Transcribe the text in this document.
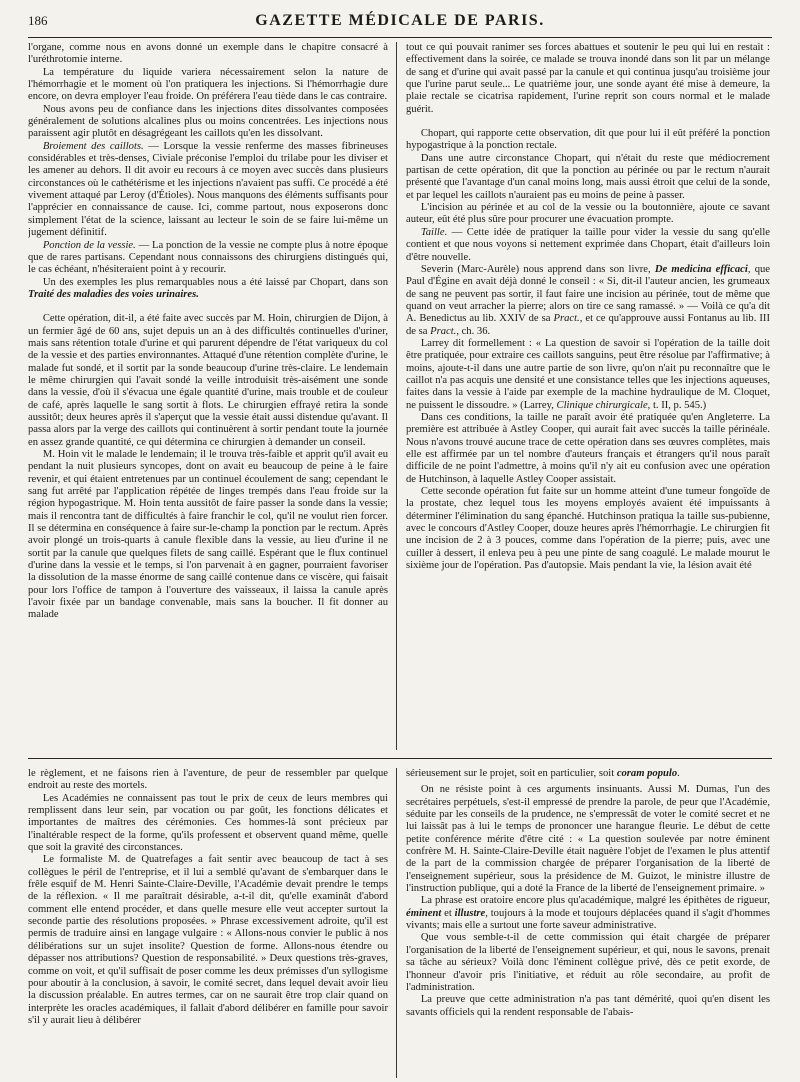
186	GAZETTE MÉDICALE DE PARIS.

l'organe, comme nous en avons donné un exemple dans le chapitre consacré à l'uréthrotomie interne.

La température du liquide variera nécessairement selon la nature de l'hémorrhagie et le moment où l'on pratiquera les injections. Si l'hémorrhagie dure encore, on devra employer l'eau froide. On préférera l'eau tiède dans le cas contraire.

Nous avons peu de confiance dans les injections dites dissolvantes composées généralement de solutions alcalines plus ou moins concentrées. Les injections nous paraissent agir plutôt en désagrégeant les caillots qu'en les dissolvant.

Broiement des caillots. — Lorsque la vessie renferme des masses fibrineuses considérables et très-denses, Civiale préconise l'emploi du trilabe pour les diviser et les amener au dehors. Il dit avoir eu recours à ce moyen avec succès dans plusieurs circonstances où le cathétérisme et les injections n'avaient pas suffi. Ce procédé a été vivement attaqué par Leroy (d'Étioles). Nous manquons des éléments suffisants pour l'apprécier en connaissance de cause. Ici, comme partout, nous exposerons donc simplement l'état de la science, laissant au lecteur le soin de se faire lui-même un jugement définitif.

Ponction de la vessie. — La ponction de la vessie ne compte plus à notre époque que de rares partisans. Cependant nous connaissons des chirurgiens distingués qui, le cas échéant, n'hésiteraient point à y recourir.

Un des exemples les plus remarquables nous a été laissé par Chopart, dans son Traité des maladies des voies urinaires.

Cette opération, dit-il, a été faite avec succès par M. Hoin, chirurgien de Dijon, à un fermier âgé de 60 ans, sujet depuis un an à des difficultés continuelles d'uriner, mais sans rétention totale d'urine et qui parurent dépendre de l'état variqueux du col de la vessie et des parties environnantes. Attaqué d'une rétention complète d'urine, le malade fut sondé, et il sortit par la sonde beaucoup d'urine très-claire. Le lendemain le même chirurgien qui l'avait sondé la veille introduisit très-aisément une sonde dans la vessie, d'où il s'évacua une égale quantité d'urine, mais trouble et de couleur de café, après laquelle le sang sortit à flots. Le chirurgien effrayé retira la sonde aussitôt; deux heures après il s'aperçut que la vessie était aussi distendue qu'avant. Il passa alors par la verge des caillots qui continuèrent à sortir pendant toute la journée en assez grande quantité, ce qui détermina ce chirurgien à demander un conseil.

M. Hoin vit le malade le lendemain; il le trouva très-faible et apprit qu'il avait eu pendant la nuit plusieurs syncopes, dont on avait eu beaucoup de peine à le faire revenir, et qui étaient entretenues par un continuel écoulement de sang; cependant le sang fut arrêté par l'application répétée de linges trempés dans l'eau froide sur la région hypogastrique. M. Hoin tenta aussitôt de faire passer la sonde dans la vessie; mais il rencontra tant de difficultés à faire franchir le col, qu'il ne voulut rien forcer. Il se détermina en conséquence à faire sur-le-champ la ponction par le rectum. Après avoir plongé un trois-quarts à canule flexible dans la vessie, au lieu d'urine il ne sortit par la canule que quelques filets de sang caillé. Espérant que le flux continuel d'urine dans la vessie et le temps, si l'on parvenait à en gagner, pourraient favoriser la dissolution de la masse énorme de sang caillé contenue dans ce viscère, qui faisait pour lors l'office de tampon à l'ouverture des vaisseaux, il laissa la canule après l'avoir fixée par un bandage convenable, mais sans la boucher. Il fit donner au malade

tout ce qui pouvait ranimer ses forces abattues et soutenir le peu qui lui en restait : effectivement dans la soirée, ce malade se trouva inondé dans son lit par un mélange de sang et d'urine qui avait passé par la canule et qui continua jusqu'au troisième jour que l'urine parut seule... Le quatrième jour, une sonde ayant été mise à demeure, la plaie rectale se cicatrisa rapidement, l'urine reprit son cours normal et le malade guérit.

Chopart, qui rapporte cette observation, dit que pour lui il eût préféré la ponction hypogastrique à la ponction rectale.

Dans une autre circonstance Chopart, qui n'était du reste que médiocrement partisan de cette opération, dit que la ponction au périnée ou par le rectum n'aurait présenté que l'avantage d'un canal moins long, mais aussi étroit que celui de la sonde, et par lequel les caillots n'auraient pas eu moins de peine à passer.

L'incision au périnée et au col de la vessie ou la boutonnière, ajoute ce savant auteur, eût été plus sûre pour procurer une évacuation prompte.

Taille. — Cette idée de pratiquer la taille pour vider la vessie du sang qu'elle contient et que nous voyons si nettement exprimée dans Chopart, était d'ailleurs loin d'être nouvelle.

Severin (Marc-Aurèle) nous apprend dans son livre, De medicina efficaci, que Paul d'Égine en avait déjà donné le conseil : « Si, dit-il l'auteur ancien, les grumeaux de sang ne peuvent pas sortir, il faut faire une incision au périnée, tout de même que quand on veut arracher la pierre; alors on tire ce sang ramassé. » — Voilà ce qu'a dit A. Benedictus au lib. XXIV de sa Pract., et ce qu'approuve aussi Fontanus au lib. III de sa Pract., ch. 36.

Larrey dit formellement : « La question de savoir si l'opération de la taille doit être pratiquée, pour extraire ces caillots sanguins, peut être résolue par l'affirmative; à moins, ajoute-t-il dans une autre partie de son livre, qu'on n'ait pu reconnaître que le caillot n'a pas acquis une densité et une consistance telles que les injections aqueuses, faites dans la vessie à l'aide par exemple de la machine hydraulique de M. Cloquet, ne puissent le dissoudre. » (Larrey, Clinique chirurgicale, t. II, p. 545.)

Dans ces conditions, la taille ne paraît avoir été pratiquée qu'en Angleterre. La première est attribuée à Astley Cooper, qui aurait fait avec succès la taille périnéale. Nous n'avons trouvé aucune trace de cette opération dans ses œuvres complètes, mais elle est affirmée par un tel nombre d'auteurs français et étrangers qu'il nous paraît difficile de ne point l'admettre, à moins qu'il n'y ait eu confusion avec une opération de Hutchinson, à laquelle Astley Cooper assistait.

Cette seconde opération fut faite sur un homme atteint d'une tumeur fongoïde de la prostate, chez lequel tous les moyens employés avaient été impuissants à déterminer l'élimination du sang épanché. Hutchinson pratiqua la taille sus-pubienne, avec le concours d'Astley Cooper, douze heures après l'hémorrhagie. Le chirurgien fit une incision de 2 à 3 pouces, comme dans l'opération de la pierre; puis, avec une cuiller à dessert, il enleva peu à peu une pinte de sang coagulé. Le malade mourut le sixième jour de l'opération. Pas d'autopsie. Mais pendant la vie, la lésion avait été

le règlement, et ne faisons rien à l'aventure, de peur de ressembler par quelque endroit au reste des mortels.

Les Académies ne connaissent pas tout le prix de ceux de leurs membres qui remplissent dans leur sein, par vocation ou par goût, les fonctions délicates et importantes de maîtres des cérémonies. Ces hommes-là sont précieux par l'inaltérable respect de la forme, qu'ils professent et observent quand même, quelle que soit la gravité des circonstances.

Le formaliste M. de Quatrefages a fait sentir avec beaucoup de tact à ses collègues le péril de l'entreprise, et il lui a semblé qu'avant de s'embarquer dans le frêle esquif de M. Henri Sainte-Claire-Deville, l'Académie devait prendre le temps de la réflexion. « Il me paraîtrait désirable, a-t-il dit, qu'elle examinât d'abord comment elle entend procéder, et dans quelle mesure elle veut accepter surtout la seconde partie des résolutions proposées. » Phrase excessivement adroite, qu'il est permis de traduire ainsi en langage vulgaire : « Allons-nous convier le public à nos délibérations sur un sujet insolite? Question de forme. Allons-nous étendre ou dépasser nos attributions? Question de responsabilité. » Deux questions très-graves, comme on voit, et qu'il suffisait de poser comme les deux prémisses d'un syllogisme pour aboutir à la conclusion, à savoir, le comité secret, dans lequel devait avoir lieu la discussion préalable. En autres termes, car on ne saurait être trop clair quand on interprète les oracles académiques, il fallait d'abord délibérer en famille pour savoir s'il y aurait lieu à délibérer

sérieusement sur le projet, soit en particulier, soit coram populo.

On ne résiste point à ces arguments insinuants. Aussi M. Dumas, l'un des secrétaires perpétuels, s'est-il empressé de prendre la parole, de peur que l'Académie, séduite par les conseils de la prudence, ne s'empressât de voter le comité secret et ne lui laissât pas à lui le temps de prononcer une harangue fleurie. Le début de cette petite conférence mérite d'être cité : « La question soulevée par notre éminent confrère M. H. Sainte-Claire-Deville était naguère l'objet de l'examen le plus attentif de la part de la commission chargée de préparer l'organisation de la liberté de l'enseignement supérieur, sous la présidence de M. Guizot, le ministre illustre de l'instruction publique, qui a doté la France de la liberté de l'enseignement primaire. »

La phrase est oratoire encore plus qu'académique, malgré les épithètes de rigueur, éminent et illustre, toujours à la mode et toujours déplacées quand il s'agit d'hommes vivants; mais elle a surtout une forte saveur administrative.

Que vous semble-t-il de cette commission qui était chargée de préparer l'organisation de la liberté de l'enseignement supérieur, et qui, nous le savons, prenait sa tâche au sérieux? Voilà donc l'éminent collègue privé, dès ce petit exorde, de l'honneur d'avoir pris l'initiative, et réduit au rôle secondaire, au profit de l'administration.

La preuve que cette administration n'a pas tant démérité, quoi qu'en disent les savants officiels qui la rendent responsable de l'abais-
